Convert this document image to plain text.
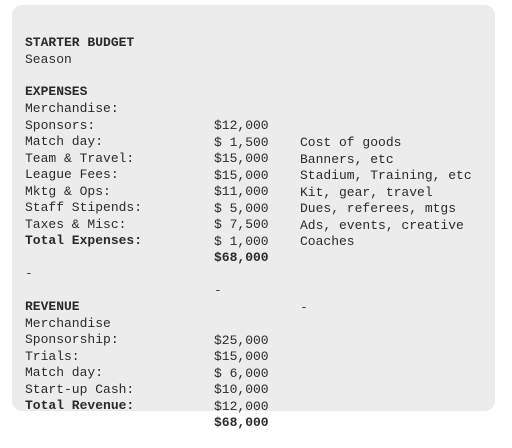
STARTER BUDGET

Season

EXPENSES

Merchandise:

$12,000

Cost of goods

Sponsors:

$ 1,500

Banners, etc

Match day:

$15,000

Stadium, Training, etc

Team & Travel:

$15,000

Kit, gear, travel

League Fees:

$11,000

Dues, referees, mtgs

Mktg & Ops:

$ 5,000

Ads, events, creative

Staff Stipends:

$ 7,500

Coaches

Taxes & Misc:

$ 1,000

Total Expenses:

$68,000

-

-

-

REVENUE

Merchandise

$25,000

Sponsorship:

$15,000

Trials:

$ 6,000

Match day:

$10,000

Start-up Cash:

$12,000

Total Revenue:

$68,000
